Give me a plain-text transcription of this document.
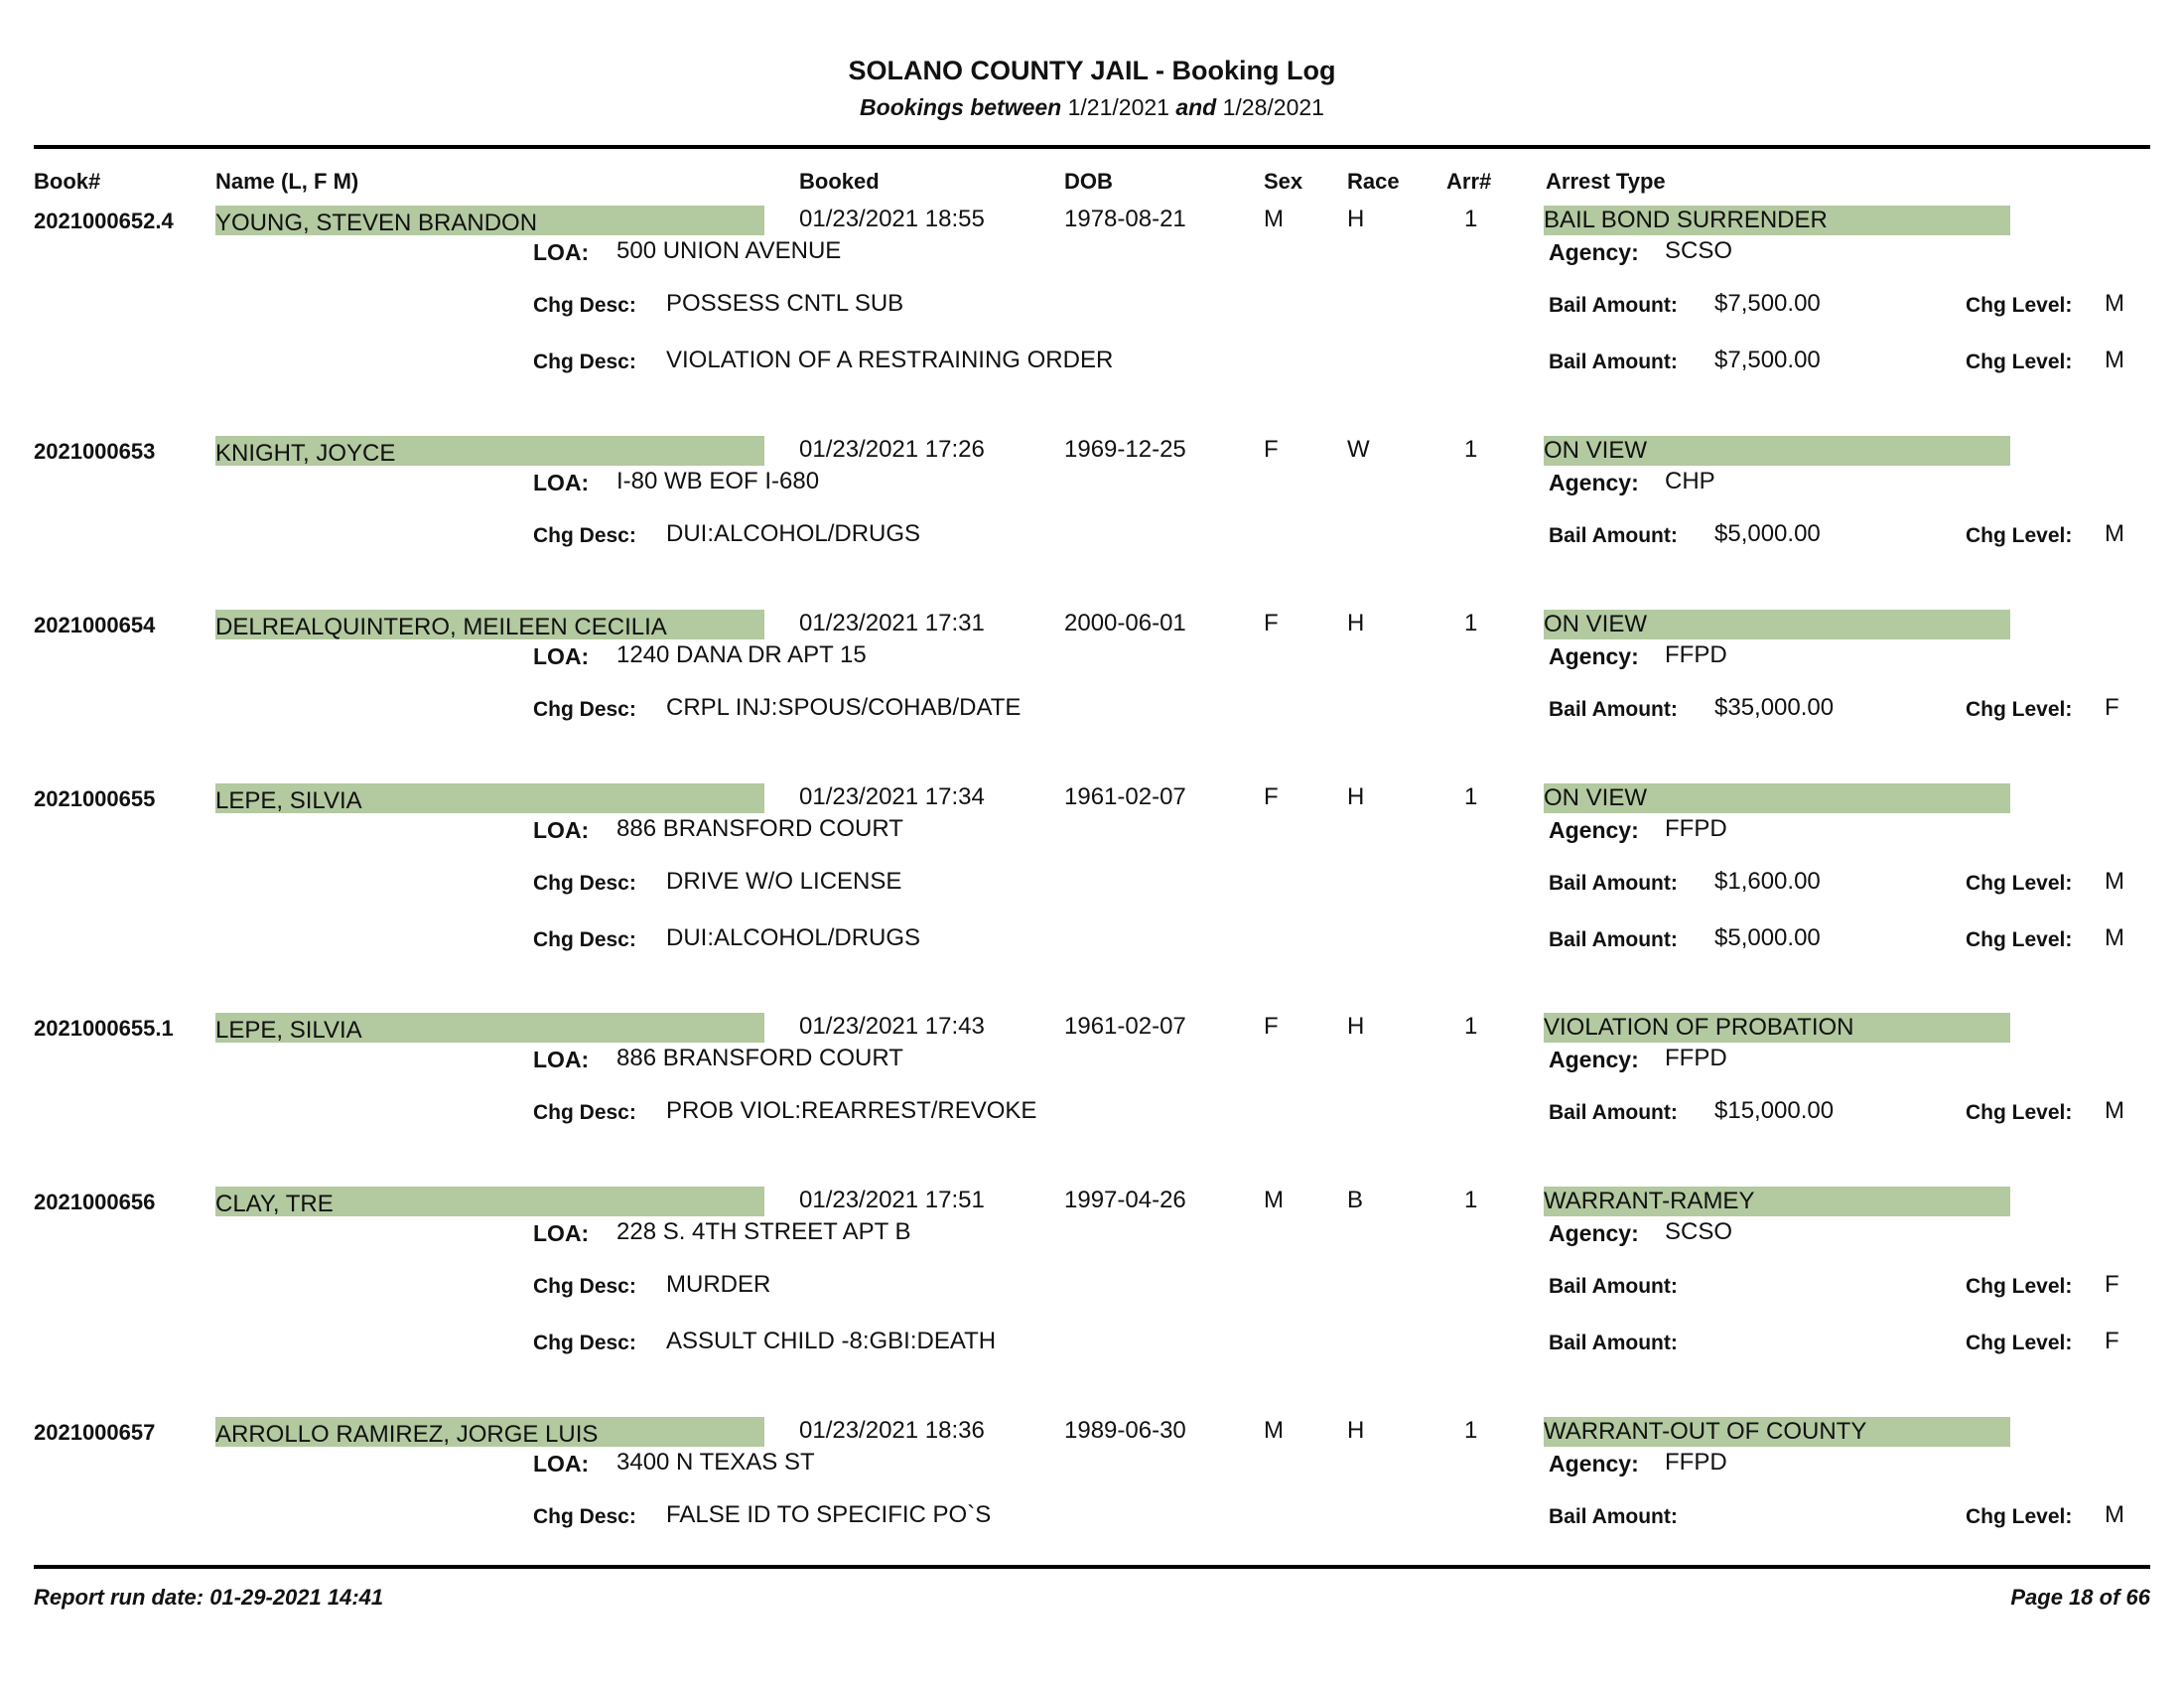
SOLANO COUNTY JAIL - Booking Log
Bookings between 1/21/2021 and 1/28/2021
Book#	Name (L, F M)	Booked	DOB	Sex Race Arr# Arrest Type
2021000652.4 YOUNG, STEVEN BRANDON	01/23/2021 18:55	1978-08-21	M	H	1	BAIL BOND SURRENDER
LOA: 500 UNION AVENUE	Agency: SCSO
Chg Desc: POSSESS CNTL SUB	Bail Amount: $7,500.00	Chg Level: M
Chg Desc: VIOLATION OF A RESTRAINING ORDER	Bail Amount: $7,500.00	Chg Level: M
2021000653	KNIGHT, JOYCE	01/23/2021 17:26	1969-12-25	F	W	1	ON VIEW
LOA: I-80 WB EOF I-680	Agency: CHP
Chg Desc: DUI:ALCOHOL/DRUGS	Bail Amount: $5,000.00	Chg Level: M
2021000654	DELREALQUINTERO, MEILEEN CECILIA	01/23/2021 17:31	2000-06-01	F	H	1	ON VIEW
LOA: 1240 DANA DR APT 15	Agency: FFPD
Chg Desc: CRPL INJ:SPOUS/COHAB/DATE	Bail Amount: $35,000.00	Chg Level: F
2021000655	LEPE, SILVIA	01/23/2021 17:34	1961-02-07	F	H	1	ON VIEW
LOA: 886 BRANSFORD COURT	Agency: FFPD
Chg Desc: DRIVE W/O LICENSE	Bail Amount: $1,600.00	Chg Level: M
Chg Desc: DUI:ALCOHOL/DRUGS	Bail Amount: $5,000.00	Chg Level: M
2021000655.1 LEPE, SILVIA	01/23/2021 17:43	1961-02-07	F	H	1	VIOLATION OF PROBATION
LOA: 886 BRANSFORD COURT	Agency: FFPD
Chg Desc: PROB VIOL:REARREST/REVOKE	Bail Amount: $15,000.00	Chg Level: M
2021000656	CLAY, TRE	01/23/2021 17:51	1997-04-26	M	B	1	WARRANT-RAMEY
LOA: 228 S. 4TH STREET APT B	Agency: SCSO
Chg Desc: MURDER	Bail Amount:	Chg Level: F
Chg Desc: ASSULT CHILD -8:GBI:DEATH	Bail Amount:	Chg Level: F
2021000657	ARROLLO RAMIREZ, JORGE LUIS	01/23/2021 18:36	1989-06-30	M	H	1	WARRANT-OUT OF COUNTY
LOA: 3400 N TEXAS ST	Agency: FFPD
Chg Desc: FALSE ID TO SPECIFIC PO`S	Bail Amount:	Chg Level: M
Report run date: 01-29-2021 14:41	Page 18 of 66
